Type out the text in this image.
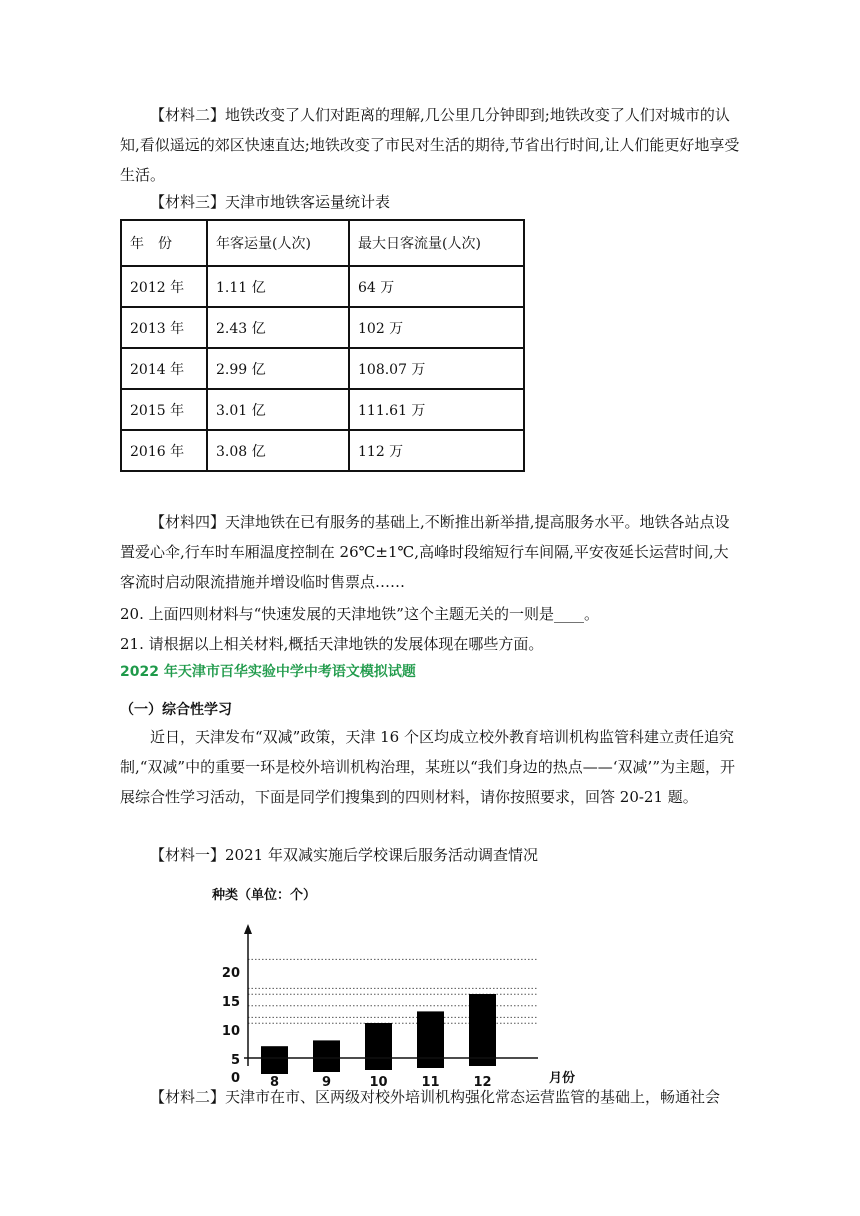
【材料二】地铁改变了人们对距离的理解,几公里几分钟即到;地铁改变了人们对城市的认知,看似遥远的郊区快速直达;地铁改变了市民对生活的期待,节省出行时间,让人们能更好地享受生活。

【材料三】天津市地铁客运量统计表

年　份	年客运量(人次)	最大日客流量(人次)
2012 年	1.11 亿	64 万
2013 年	2.43 亿	102 万
2014 年	2.99 亿	108.07 万
2015 年	3.01 亿	111.61 万
2016 年	3.08 亿	112 万

【材料四】天津地铁在已有服务的基础上,不断推出新举措,提高服务水平。地铁各站点设置爱心伞,行车时车厢温度控制在 26℃±1℃,高峰时段缩短行车间隔,平安夜延长运营时间,大客流时启动限流措施并增设临时售票点……

20. 上面四则材料与“快速发展的天津地铁”这个主题无关的一则是____。

21. 请根据以上相关材料,概括天津地铁的发展体现在哪些方面。

2022 年天津市百华实验中学中考语文模拟试题

（一）综合性学习

近日，天津发布“双减”政策，天津 16 个区均成立校外教育培训机构监管科建立责任追究制,“双减”中的重要一环是校外培训机构治理，某班以“我们身边的热点——‘双减’”为主题，开展综合性学习活动，下面是同学们搜集到的四则材料，请你按照要求，回答 20-21 题。

【材料一】2021 年双减实施后学校课后服务活动调查情况

种类（单位：个）
0
5
10
15
20
8	9	10	11	12	月份

【材料二】天津市在市、区两级对校外培训机构强化常态运营监管的基础上，畅通社会
